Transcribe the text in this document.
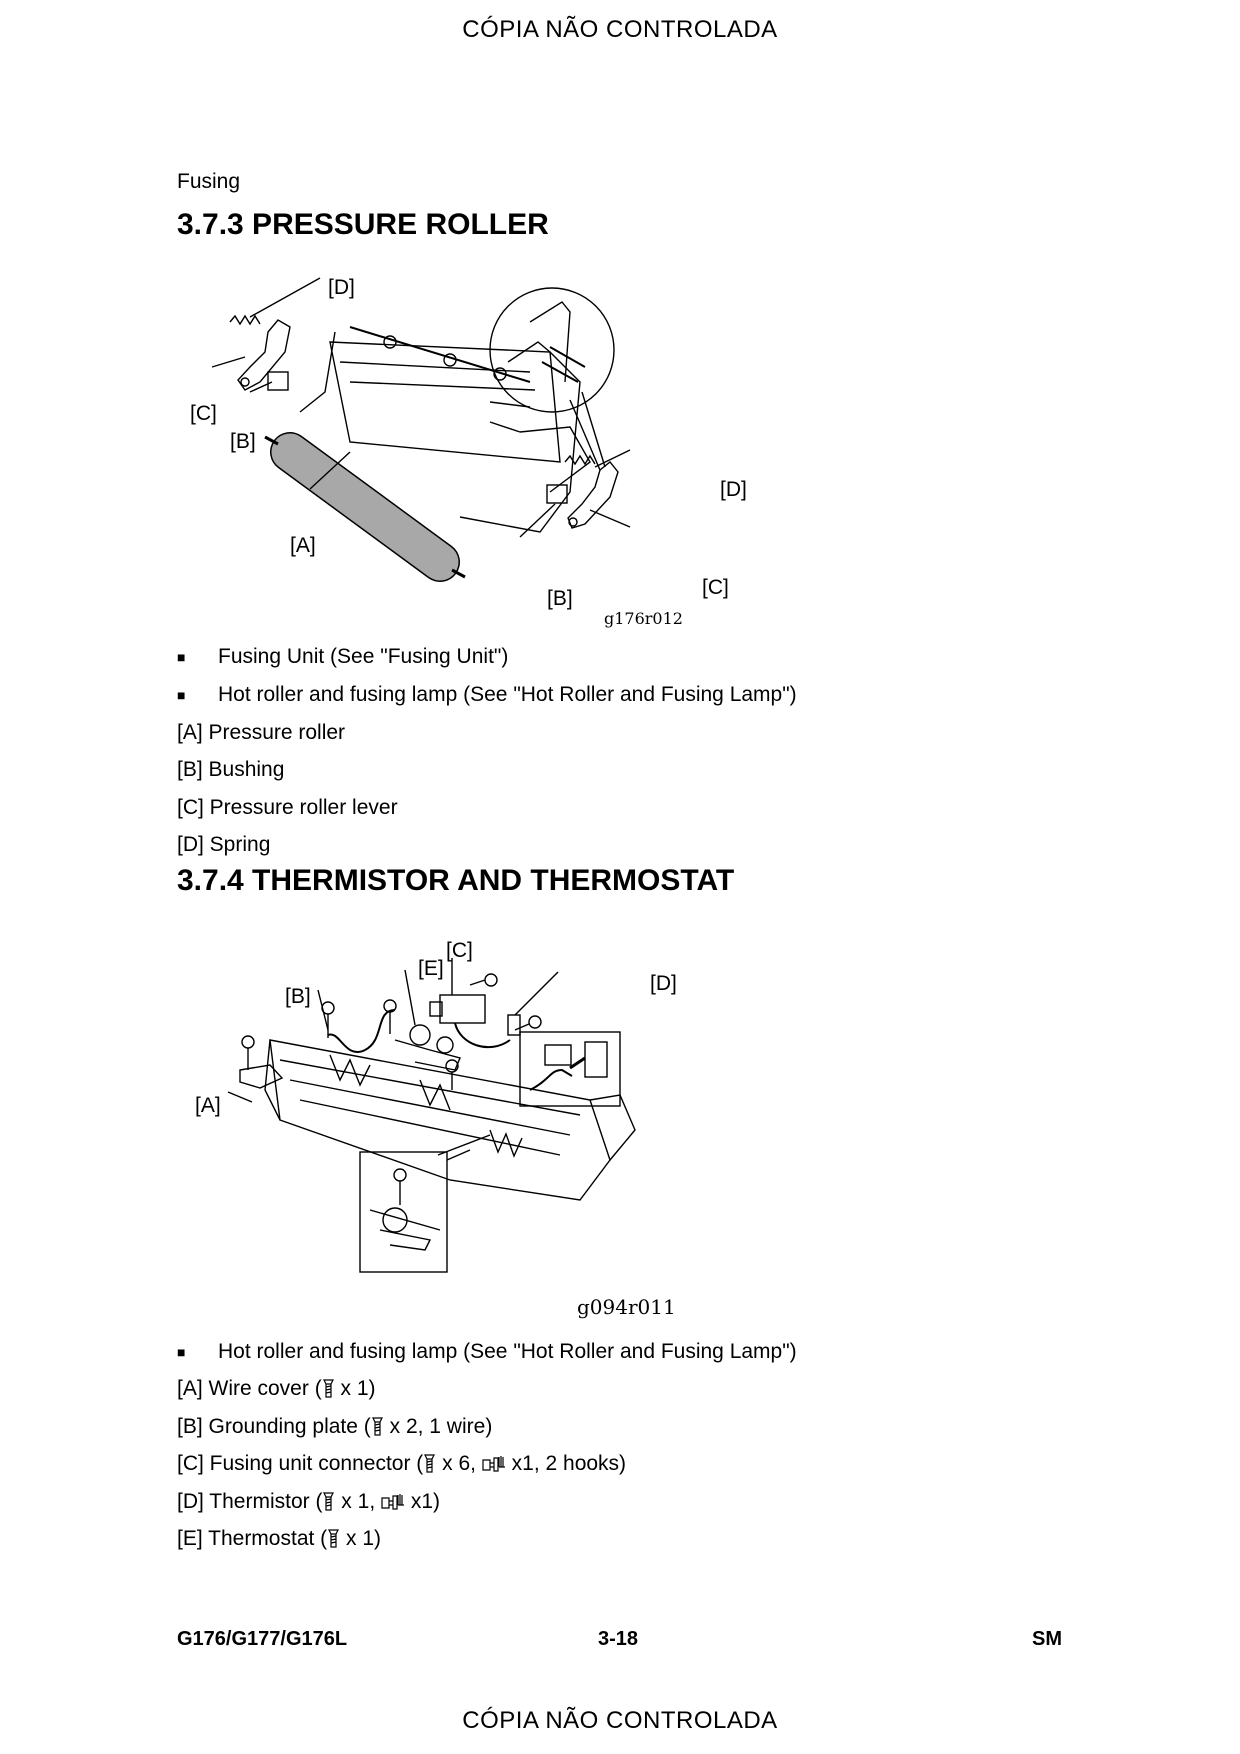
CÓPIA NÃO CONTROLADA
Fusing
3.7.3 PRESSURE ROLLER
[D]
[C]
[B]
[A]
[D]
[C]
[B]
g176r012
■ Fusing Unit (See "Fusing Unit")
■ Hot roller and fusing lamp (See "Hot Roller and Fusing Lamp")
[A] Pressure roller
[B] Bushing
[C] Pressure roller lever
[D] Spring
3.7.4 THERMISTOR AND THERMOSTAT
[A]
[B]
[C]
[D]
[E]
g094r011
■ Hot roller and fusing lamp (See "Hot Roller and Fusing Lamp")
[A] Wire cover ( x 1)
[B] Grounding plate ( x 2, 1 wire)
[C] Fusing unit connector ( x 6,  x1, 2 hooks)
[D] Thermistor ( x 1,  x1)
[E] Thermostat ( x 1)
G176/G177/G176L	3-18	SM
CÓPIA NÃO CONTROLADA
